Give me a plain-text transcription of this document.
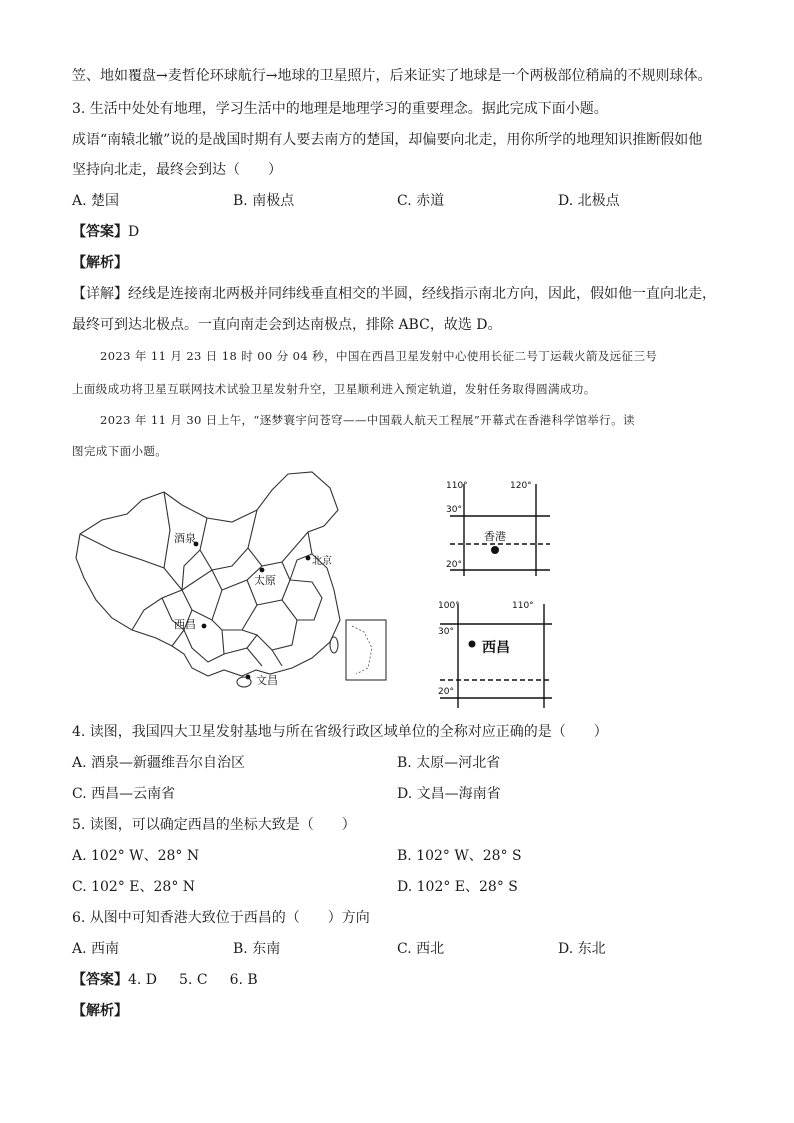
笠、地如覆盘→麦哲伦环球航行→地球的卫星照片，后来证实了地球是一个两极部位稍扁的不规则球体。
3. 生活中处处有地理，学习生活中的地理是地理学习的重要理念。据此完成下面小题。
成语“南辕北辙”说的是战国时期有人要去南方的楚国，却偏要向北走，用你所学的地理知识推断假如他
坚持向北走，最终会到达（　　）
A. 楚国	B. 南极点	C. 赤道	D. 北极点
【答案】D
【解析】
【详解】经线是连接南北两极并同纬线垂直相交的半圆，经线指示南北方向，因此，假如他一直向北走，
最终可到达北极点。一直向南走会到达南极点，排除 ABC，故选 D。
2023 年 11 月 23 日 18 时 00 分 04 秒，中国在西昌卫星发射中心使用长征二号丁运载火箭及远征三号
上面级成功将卫星互联网技术试验卫星发射升空，卫星顺利进入预定轨道，发射任务取得圆满成功。
2023 年 11 月 30 日上午，“逐梦寰宇问苍穹——中国载人航天工程展”开幕式在香港科学馆举行。读
图完成下面小题。
酒泉
太原
北京
西昌
文昌
110°	120°
30°
20°
香港
100°	110°
30°
西昌
20°
4. 读图，我国四大卫星发射基地与所在省级行政区域单位的全称对应正确的是（　　）
A. 酒泉—新疆维吾尔自治区	B. 太原—河北省
C. 西昌—云南省	D. 文昌—海南省
5. 读图，可以确定西昌的坐标大致是（　　）
A. 102° W、28° N	B. 102° W、28° S
C. 102° E、28° N	D. 102° E、28° S
6. 从图中可知香港大致位于西昌的（　　）方向
A. 西南	B. 东南	C. 西北	D. 东北
【答案】4. D 5. C 6. B
【解析】
